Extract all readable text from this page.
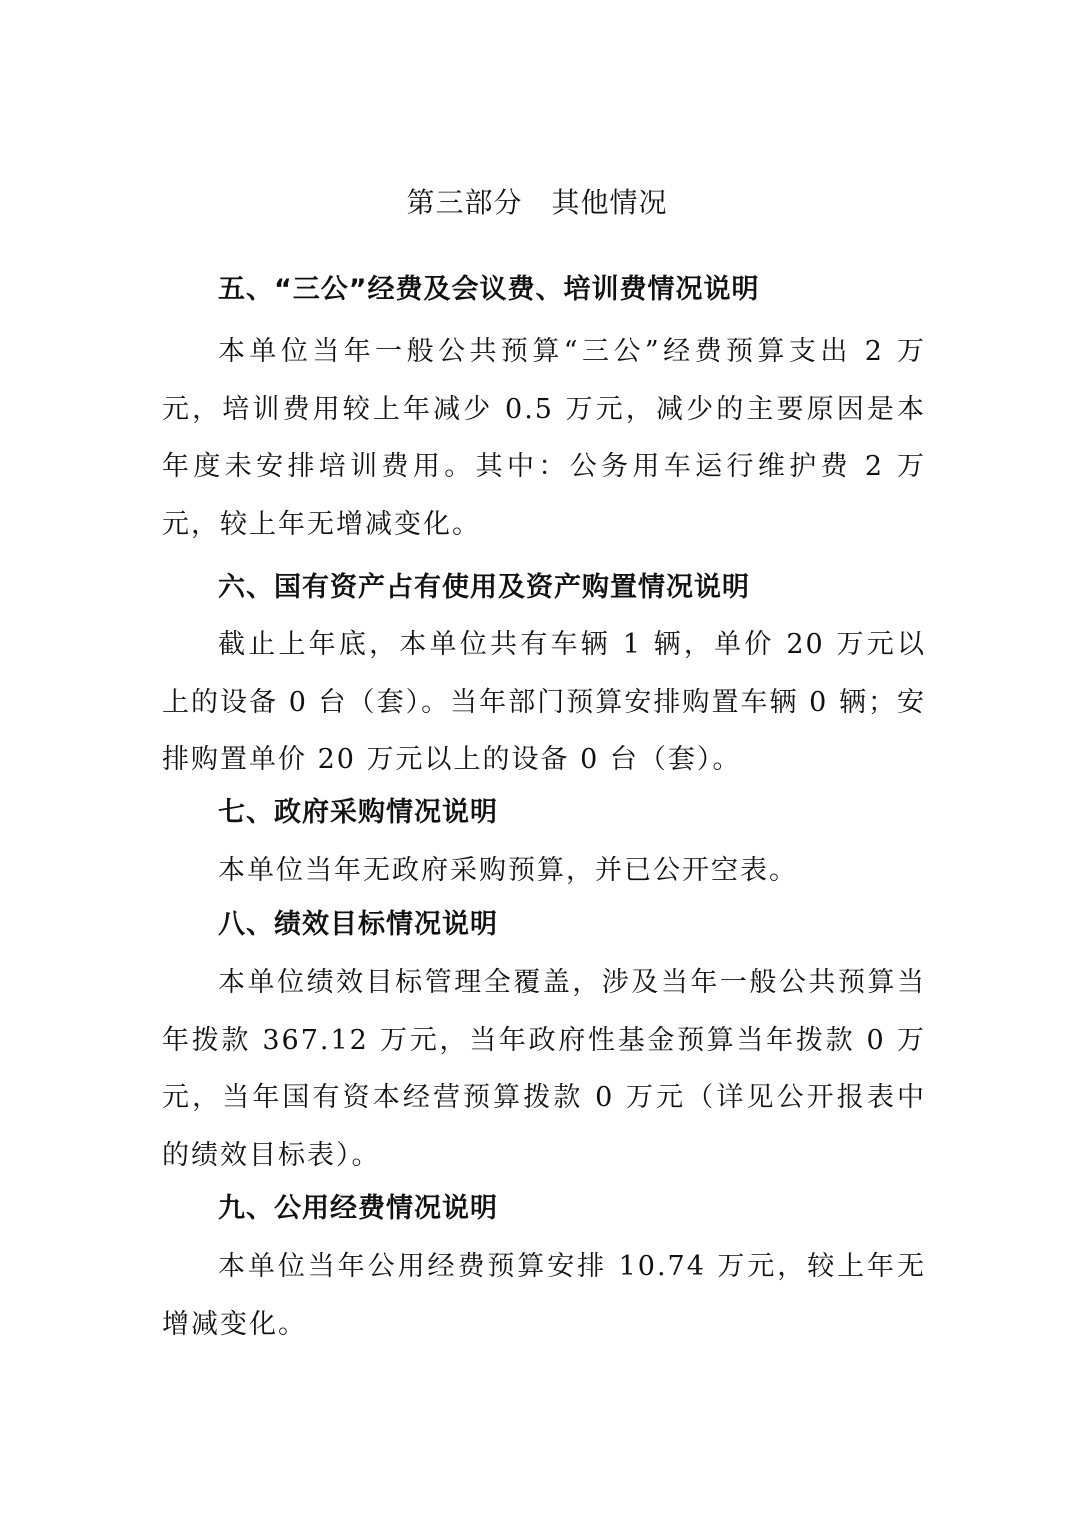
第三部分　其他情况
五、“三公”经费及会议费、培训费情况说明

本单位当年一般公共预算“三公”经费预算支出 2 万元，培训费用较上年减少 0.5 万元，减少的主要原因是本年度未安排培训费用。其中：公务用车运行维护费 2 万元，较上年无增减变化。

六、国有资产占有使用及资产购置情况说明

截止上年底，本单位共有车辆 1 辆，单价 20 万元以上的设备 0 台（套）。当年部门预算安排购置车辆 0 辆；安排购置单价 20 万元以上的设备 0 台（套）。

七、政府采购情况说明

本单位当年无政府采购预算，并已公开空表。

八、绩效目标情况说明

本单位绩效目标管理全覆盖，涉及当年一般公共预算当年拨款 367.12 万元，当年政府性基金预算当年拨款 0 万元，当年国有资本经营预算拨款 0 万元（详见公开报表中的绩效目标表）。

九、公用经费情况说明

本单位当年公用经费预算安排 10.74 万元，较上年无增减变化。
